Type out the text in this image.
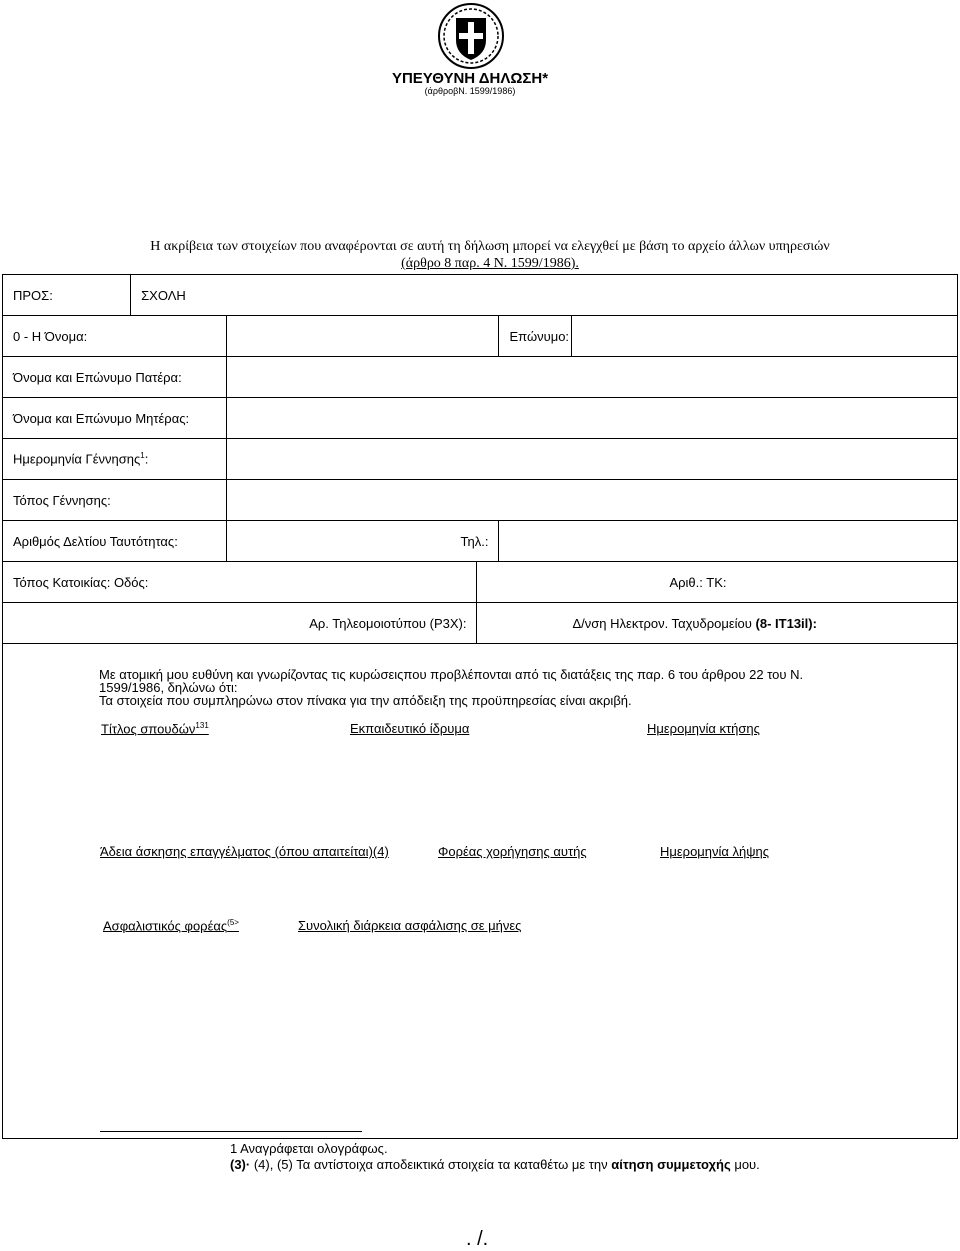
ΥΠΕΥΘΥΝΗ ΔΗΛΩΣΗ*
(άρθροβΝ. 1599/1986)
Η ακρίβεια των στοιχείων που αναφέρονται σε αυτή τη δήλωση μπορεί να ελεγχθεί με βάση το αρχείο άλλων υπηρεσιών
(άρθρο 8 παρ. 4 Ν. 1599/1986).
ΠΡΟΣ:	ΣΧΟΛΗ				
0 - Η Όνομα:				Επώνυμο:	
Όνομα και Επώνυμο Πατέρα:					
Όνομα και Επώνυμο Μητέρας:					
Ημερομηνία Γέννησης$^1$:					
Τόπος Γέννησης:					
Αριθμός Δελτίου Ταυτότητας:		Τηλ.:			
Τόπος Κατοικίας: Οδός:			Αριθ.: ΤΚ:		
Αρ. Τηλεομοιοτύπου (Ρ3Χ):			Δ/νση Ηλεκτρον. Ταχυδρομείου (8- ΙΤ13il):		

Με ατομική μου ευθύνη και γνωρίζοντας τις κυρώσειςπου προβλέπονται από τις διατάξεις της παρ. 6 του άρθρου 22 του Ν.
1599/1986, δηλώνω ότι:
Τα στοιχεία που συμπληρώνω στον πίνακα για την απόδειξη της προϋπηρεσίας είναι ακριβή.					
Τίτλος σπουδών$^{131}$	Εκπαιδευτικό ίδρυμα	Ημερομηνία κτήσης
Άδεια άσκησης επαγγέλματος (όπου απαιτείται)(4)	Φορέας χορήγησης αυτής	Ημερομηνία λήψης
Ασφαλιστικός φορέας$^{(5>}$	Συνολική διάρκεια ασφάλισης σε μήνες
1 Αναγράφεται ολογράφως.
(3)· (4), (5) Τα αντίστοιχα αποδεικτικά στοιχεία τα καταθέτω με την αίτηση συμμετοχής μου.
. /.
